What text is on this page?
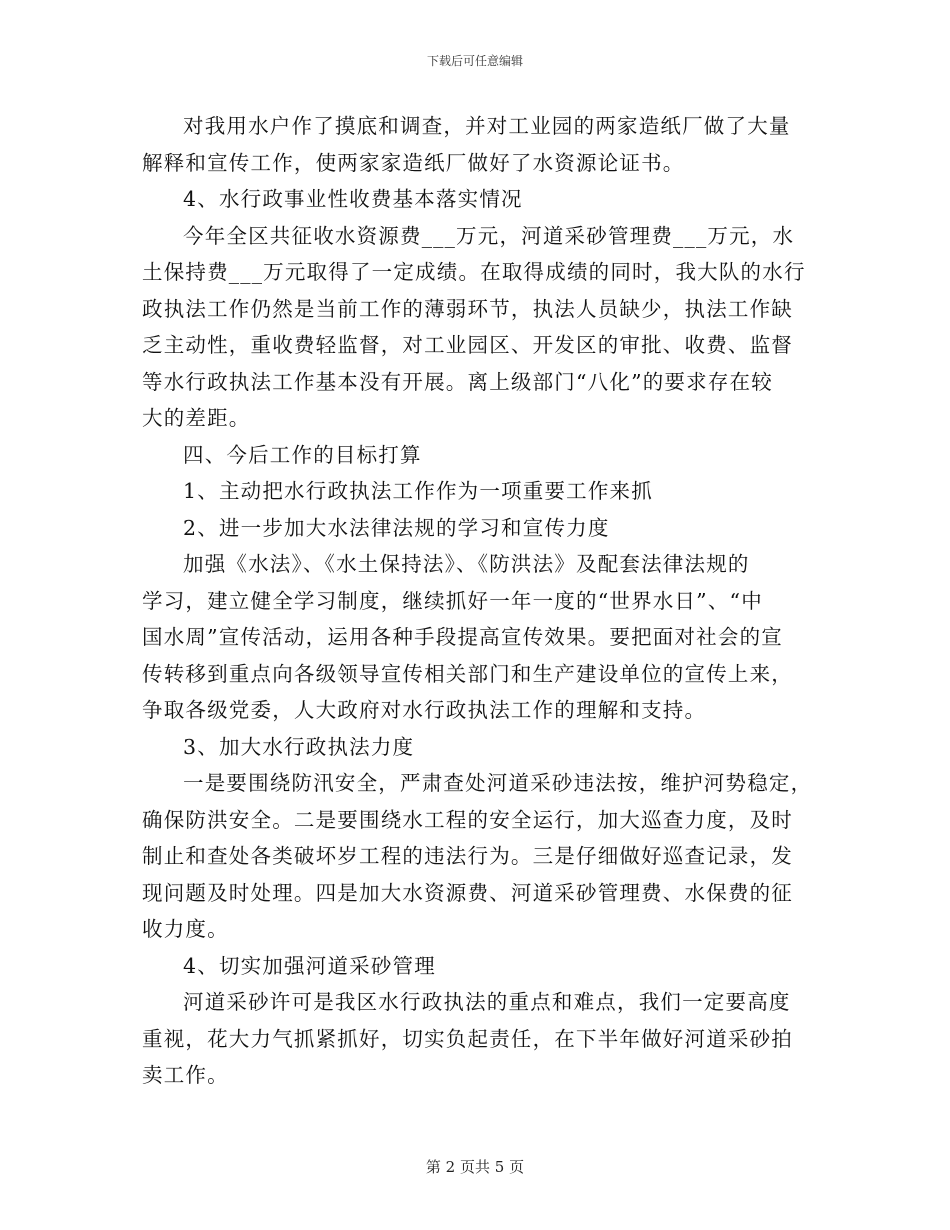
下载后可任意编辑
对我用水户作了摸底和调查，并对工业园的两家造纸厂做了大量
解释和宣传工作，使两家家造纸厂做好了水资源论证书。
4、水行政事业性收费基本落实情况
今年全区共征收水资源费___万元，河道采砂管理费___万元，水
土保持费___万元取得了一定成绩。在取得成绩的同时，我大队的水行
政执法工作仍然是当前工作的薄弱环节，执法人员缺少，执法工作缺
乏主动性，重收费轻监督，对工业园区、开发区的审批、收费、监督
等水行政执法工作基本没有开展。离上级部门“八化”的要求存在较
大的差距。
四、今后工作的目标打算
1、主动把水行政执法工作作为一项重要工作来抓
2、进一步加大水法律法规的学习和宣传力度
加强《水法》、《水土保持法》、《防洪法》及配套法律法规的
学习，建立健全学习制度，继续抓好一年一度的“世界水日”、“中
国水周”宣传活动，运用各种手段提高宣传效果。要把面对社会的宣
传转移到重点向各级领导宣传相关部门和生产建设单位的宣传上来，
争取各级党委，人大政府对水行政执法工作的理解和支持。
3、加大水行政执法力度
一是要围绕防汛安全，严肃查处河道采砂违法按，维护河势稳定，
确保防洪安全。二是要围绕水工程的安全运行，加大巡查力度，及时
制止和查处各类破坏岁工程的违法行为。三是仔细做好巡查记录，发
现问题及时处理。四是加大水资源费、河道采砂管理费、水保费的征
收力度。
4、切实加强河道采砂管理
河道采砂许可是我区水行政执法的重点和难点，我们一定要高度
重视，花大力气抓紧抓好，切实负起责任，在下半年做好河道采砂拍
卖工作。
第 2 页共 5 页
